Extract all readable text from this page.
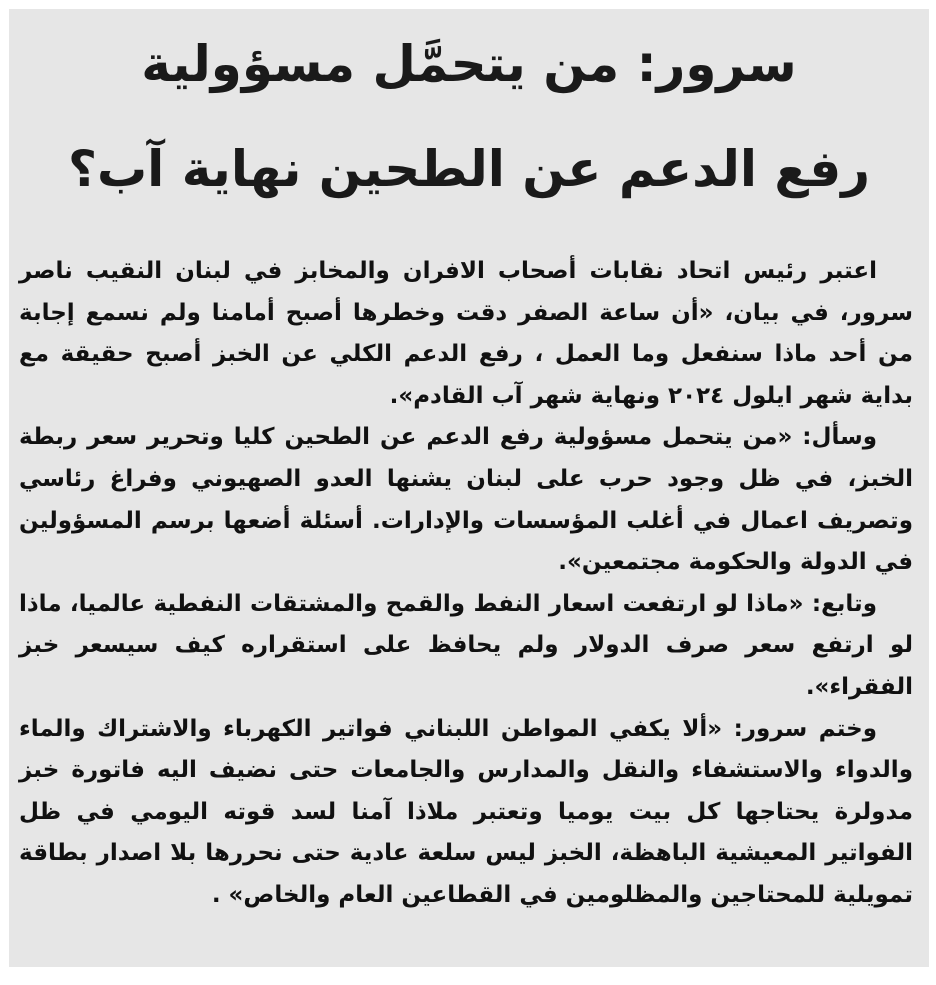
سرور: من يتحمَّل مسؤولية
رفع الدعم عن الطحين نهاية آب؟

اعتبر رئيس اتحاد نقابات أصحاب الافران والمخابز في لبنان النقيب ناصر سرور، في بيان، «أن ساعة الصفر دقت وخطرها أصبح أمامنا ولم نسمع إجابة من أحد ماذا سنفعل وما العمل ، رفع الدعم الكلي عن الخبز أصبح حقيقة مع بداية شهر ايلول ٢٠٢٤ ونهاية شهر آب القادم».

وسأل: «من يتحمل مسؤولية رفع الدعم عن الطحين كليا وتحرير سعر ربطة الخبز، في ظل وجود حرب على لبنان يشنها العدو الصهيوني وفراغ رئاسي وتصريف اعمال في أغلب المؤسسات والإدارات. أسئلة أضعها برسم المسؤولين في الدولة والحكومة مجتمعين».

وتابع: «ماذا لو ارتفعت اسعار النفط والقمح والمشتقات النفطية عالميا، ماذا لو ارتفع سعر صرف الدولار ولم يحافظ على استقراره كيف سيسعر خبز الفقراء».

وختم سرور: «ألا يكفي المواطن اللبناني فواتير الكهرباء والاشتراك والماء والدواء والاستشفاء والنقل والمدارس والجامعات حتى نضيف اليه فاتورة خبز مدولرة يحتاجها كل بيت يوميا وتعتبر ملاذا آمنا لسد قوته اليومي في ظل الفواتير المعيشية الباهظة، الخبز ليس سلعة عادية حتى نحررها بلا اصدار بطاقة تمويلية للمحتاجين والمظلومين في القطاعين العام والخاص» .
